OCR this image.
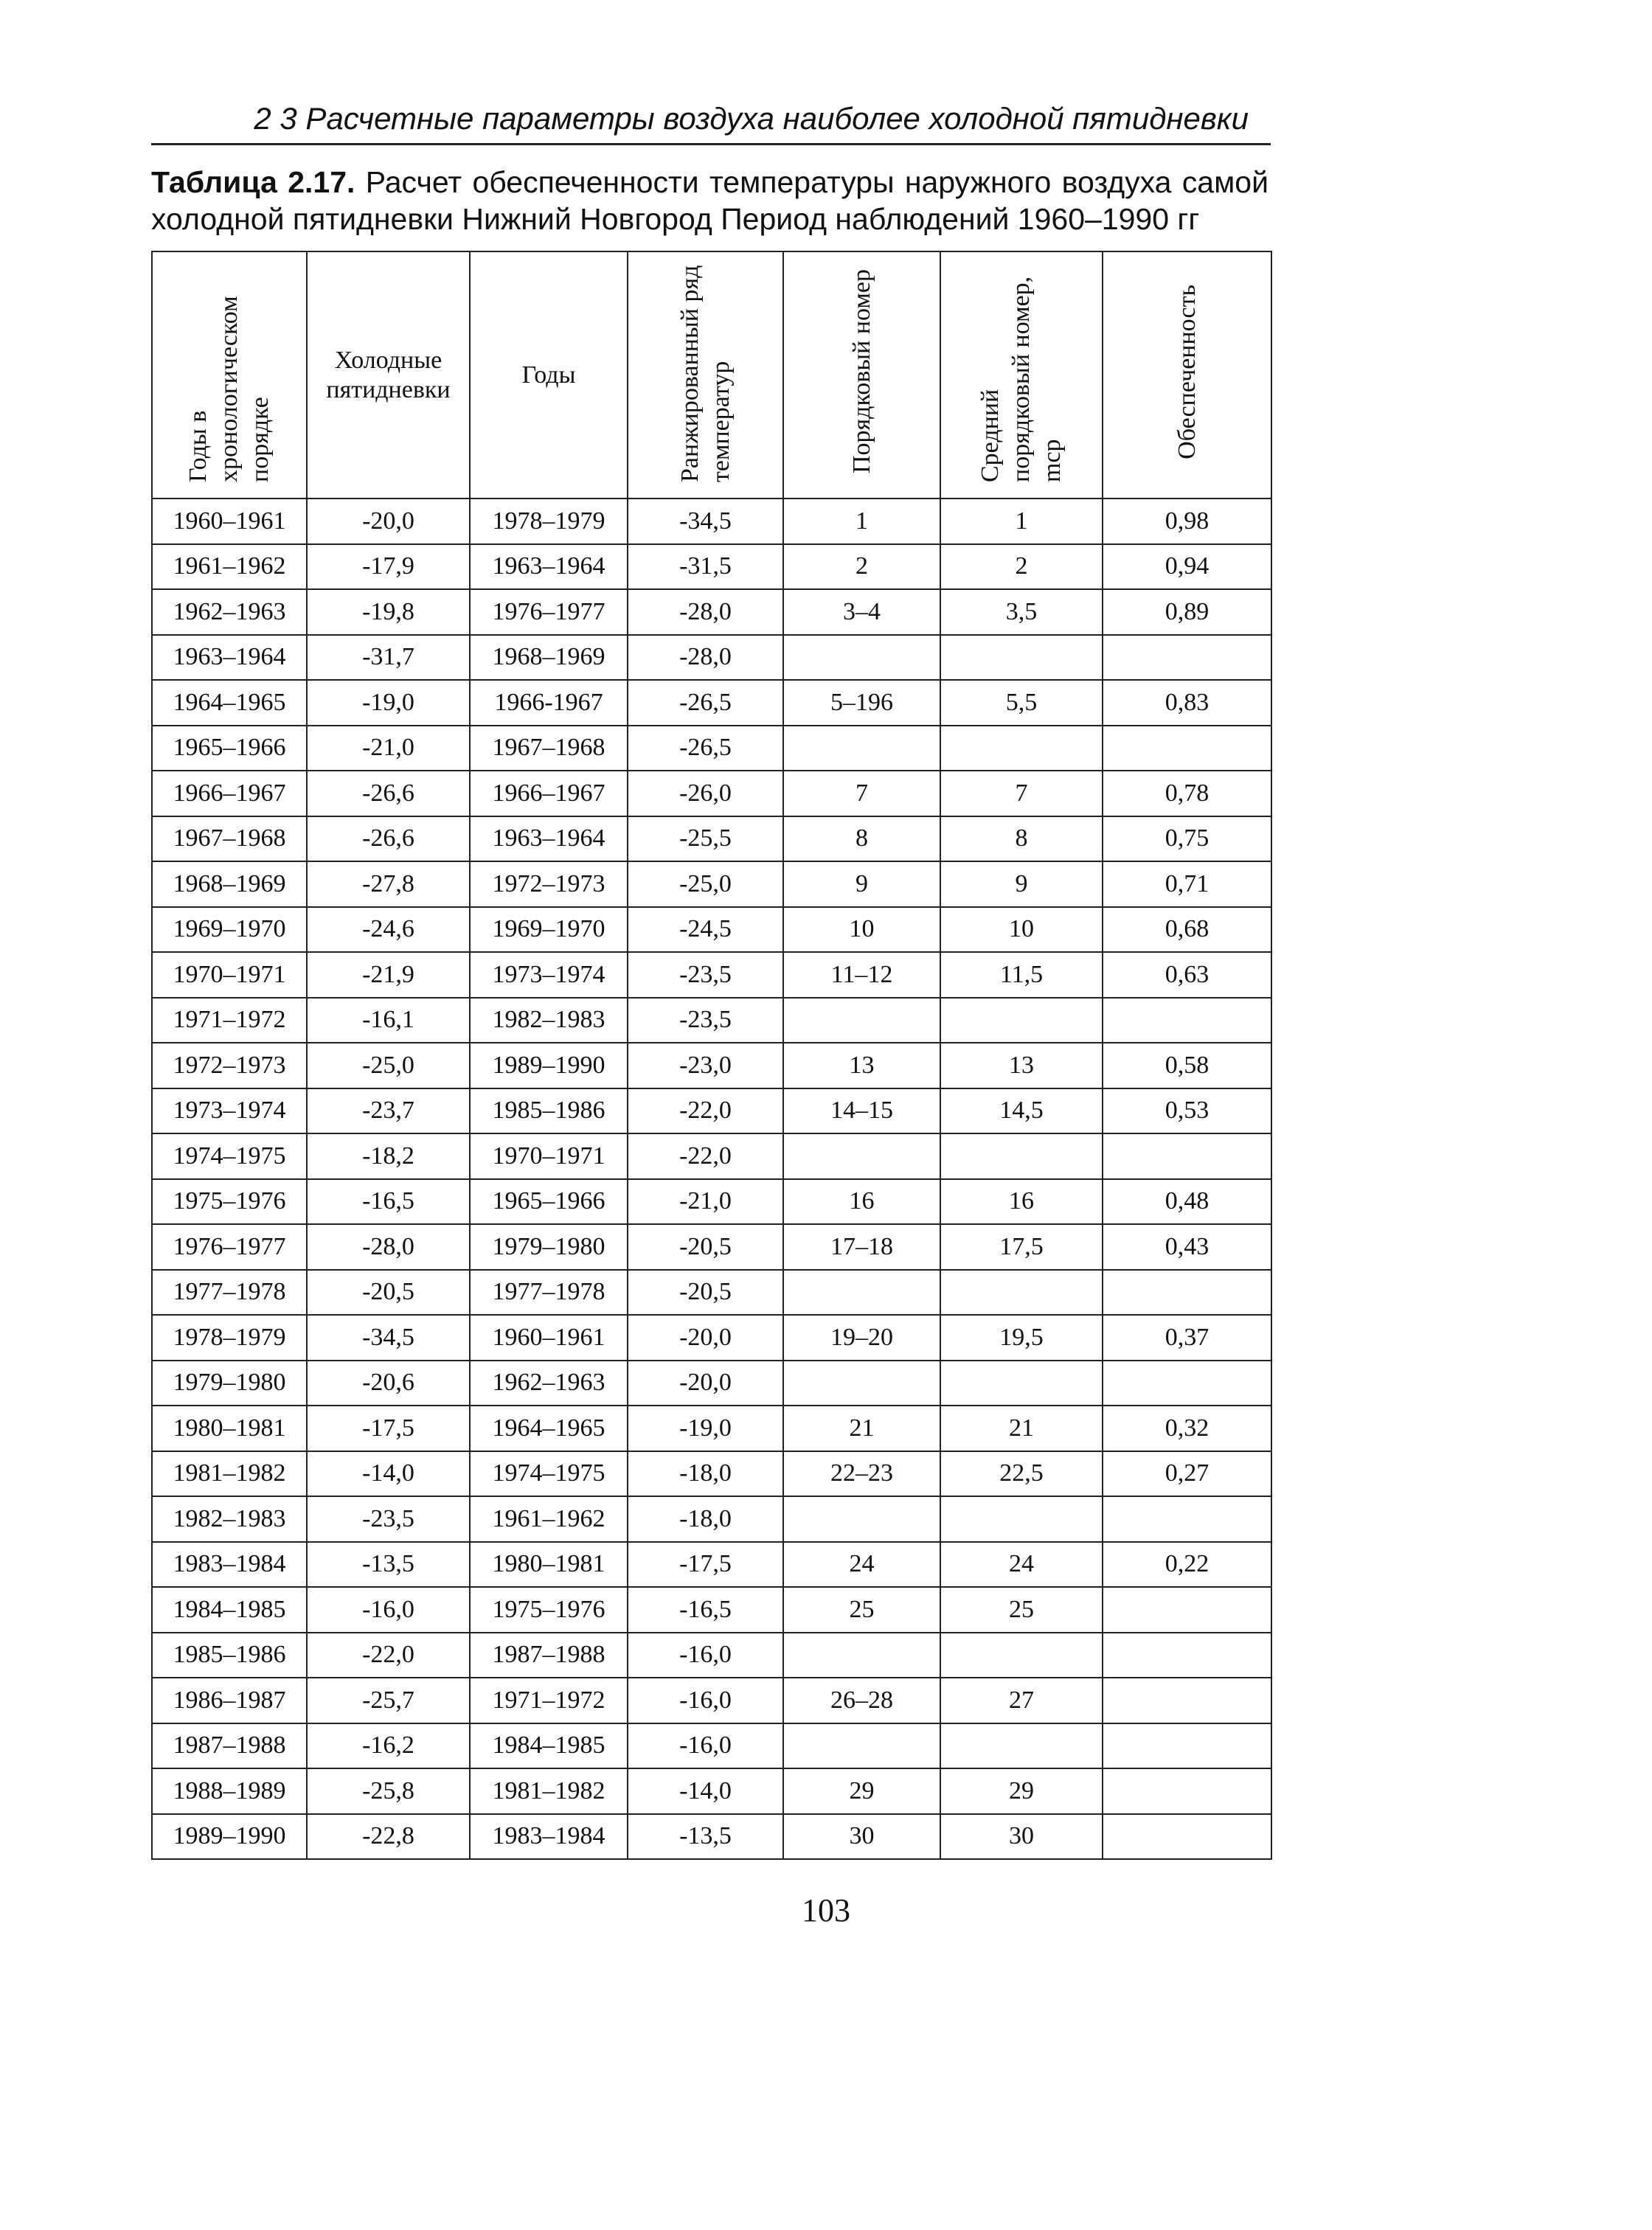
2 3 Расчетные параметры воздуха наиболее холодной пятидневки
Таблица 2.17. Расчет обеспеченности температуры наружного воздуха самой холодной пятидневки Нижний Новгород Период наблюдений 1960–1990 гг
Годы в хронологическом порядке	Холодные пятидневки	Годы	Ранжированный ряд температур	Порядковый номер	Средний порядковый номер, mср	Обеспеченность
1960–1961	-20,0	1978–1979	-34,5	1	1	0,98
1961–1962	-17,9	1963–1964	-31,5	2	2	0,94
1962–1963	-19,8	1976–1977	-28,0	3–4	3,5	0,89
1963–1964	-31,7	1968–1969	-28,0			
1964–1965	-19,0	1966-1967	-26,5	5–196	5,5	0,83
1965–1966	-21,0	1967–1968	-26,5			
1966–1967	-26,6	1966–1967	-26,0	7	7	0,78
1967–1968	-26,6	1963–1964	-25,5	8	8	0,75
1968–1969	-27,8	1972–1973	-25,0	9	9	0,71
1969–1970	-24,6	1969–1970	-24,5	10	10	0,68
1970–1971	-21,9	1973–1974	-23,5	11–12	11,5	0,63
1971–1972	-16,1	1982–1983	-23,5			
1972–1973	-25,0	1989–1990	-23,0	13	13	0,58
1973–1974	-23,7	1985–1986	-22,0	14–15	14,5	0,53
1974–1975	-18,2	1970–1971	-22,0			
1975–1976	-16,5	1965–1966	-21,0	16	16	0,48
1976–1977	-28,0	1979–1980	-20,5	17–18	17,5	0,43
1977–1978	-20,5	1977–1978	-20,5			
1978–1979	-34,5	1960–1961	-20,0	19–20	19,5	0,37
1979–1980	-20,6	1962–1963	-20,0			
1980–1981	-17,5	1964–1965	-19,0	21	21	0,32
1981–1982	-14,0	1974–1975	-18,0	22–23	22,5	0,27
1982–1983	-23,5	1961–1962	-18,0			
1983–1984	-13,5	1980–1981	-17,5	24	24	0,22
1984–1985	-16,0	1975–1976	-16,5	25	25	
1985–1986	-22,0	1987–1988	-16,0			
1986–1987	-25,7	1971–1972	-16,0	26–28	27	
1987–1988	-16,2	1984–1985	-16,0			
1988–1989	-25,8	1981–1982	-14,0	29	29	
1989–1990	-22,8	1983–1984	-13,5	30	30	
103
